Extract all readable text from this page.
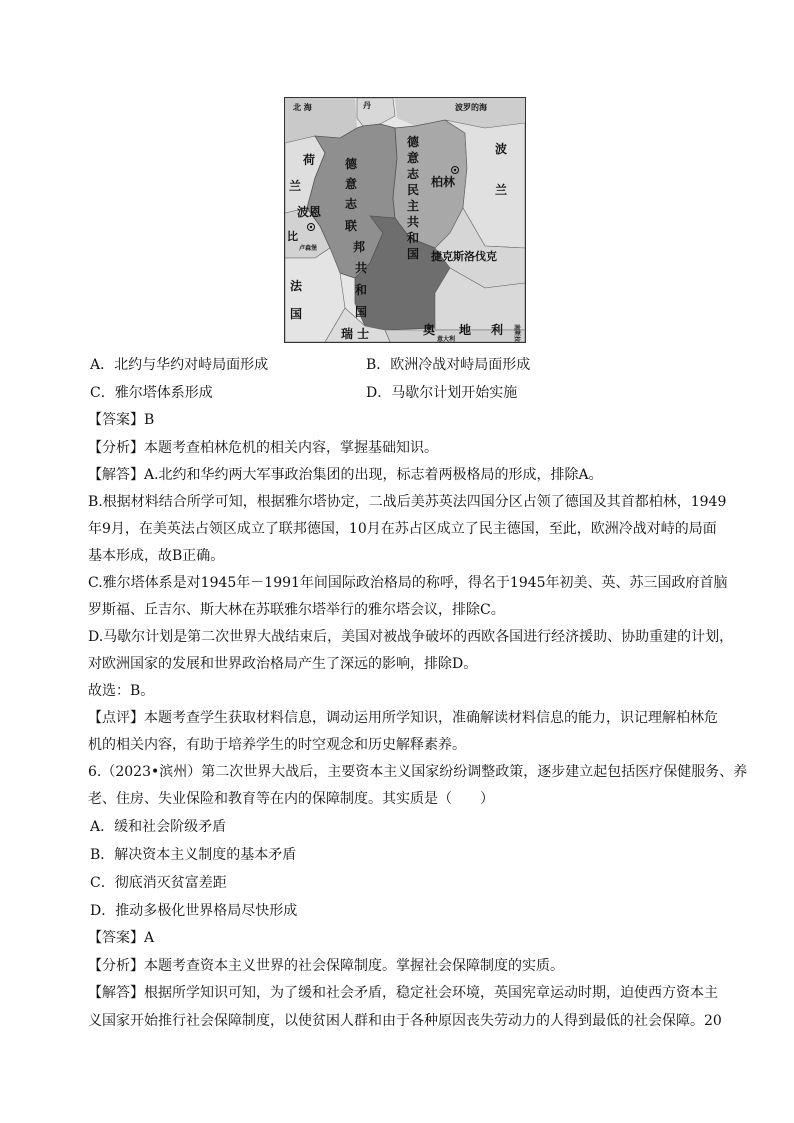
北 海	波罗的海
丹
荷
兰
比
卢森堡
法
国
瑞 士	意大利
奥 地 利 南斯拉
波
兰
捷克斯洛伐克
波恩
柏林
德
意
志
联
邦
共
和
国
德
意
志
民
主
共
和
国
A．北约与华约对峙局面形成	B．欧洲冷战对峙局面形成
C．雅尔塔体系形成	D．马歇尔计划开始实施
【答案】B
【分析】本题考查柏林危机的相关内容，掌握基础知识。
【解答】A.北约和华约两大军事政治集团的出现，标志着两极格局的形成，排除A。
B.根据材料结合所学可知，根据雅尔塔协定，二战后美苏英法四国分区占领了德国及其首都柏林，1949
年9月，在美英法占领区成立了联邦德国，10月在苏占区成立了民主德国，至此，欧洲冷战对峙的局面
基本形成，故B正确。
C.雅尔塔体系是对1945年－1991年间国际政治格局的称呼，得名于1945年初美、英、苏三国政府首脑
罗斯福、丘吉尔、斯大林在苏联雅尔塔举行的雅尔塔会议，排除C。
D.马歇尔计划是第二次世界大战结束后，美国对被战争破坏的西欧各国进行经济援助、协助重建的计划，
对欧洲国家的发展和世界政治格局产生了深远的影响，排除D。
故选：B。
【点评】本题考查学生获取材料信息，调动运用所学知识，准确解读材料信息的能力，识记理解柏林危
机的相关内容，有助于培养学生的时空观念和历史解释素养。
6.（2023•滨州）第二次世界大战后，主要资本主义国家纷纷调整政策，逐步建立起包括医疗保健服务、养
老、住房、失业保险和教育等在内的保障制度。其实质是（　　）
A．缓和社会阶级矛盾
B．解决资本主义制度的基本矛盾
C．彻底消灭贫富差距
D．推动多极化世界格局尽快形成
【答案】A
【分析】本题考查资本主义世界的社会保障制度。掌握社会保障制度的实质。
【解答】根据所学知识可知，为了缓和社会矛盾，稳定社会环境，英国宪章运动时期，迫使西方资本主
义国家开始推行社会保障制度，以使贫困人群和由于各种原因丧失劳动力的人得到最低的社会保障。20
